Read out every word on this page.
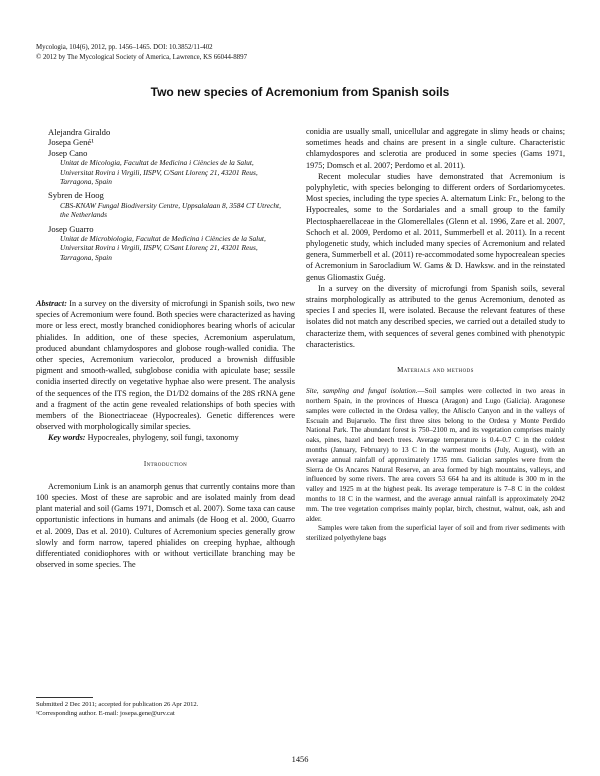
Mycologia, 104(6), 2012, pp. 1456–1465. DOI: 10.3852/11-402
© 2012 by The Mycological Society of America, Lawrence, KS 66044-8897
Two new species of Acremonium from Spanish soils
Alejandra Giraldo
Josepa Gené¹
Josep Cano
Unitat de Micologia, Facultat de Medicina i Ciències de la Salut, Universitat Rovira i Virgili, IISPV, C/Sant Llorenç 21, 43201 Reus, Tarragona, Spain
Sybren de Hoog
CBS-KNAW Fungal Biodiversity Centre, Uppsalalaan 8, 3584 CT Utrecht, the Netherlands
Josep Guarro
Unitat de Microbiologia, Facultat de Medicina i Ciències de la Salut, Universitat Rovira i Virgili, IISPV, C/Sant Llorenç 21, 43201 Reus, Tarragona, Spain

Abstract: In a survey on the diversity of microfungi in Spanish soils, two new species of Acremonium were found. Both species were characterized as having more or less erect, mostly branched conidiophores bearing whorls of acicular phialides. In addition, one of these species, Acremonium asperulatum, produced abundant chlamydospores and globose rough-walled conidia. The other species, Acremonium variecolor, produced a brownish diffusible pigment and smooth-walled, subglobose conidia with apiculate base; sessile conidia inserted directly on vegetative hyphae also were present. The analysis of the sequences of the ITS region, the D1/D2 domains of the 28S rRNA gene and a fragment of the actin gene revealed relationships of both species with members of the Bionectriaceae (Hypocreales). Genetic differences were observed with morphologically similar species.

Key words: Hypocreales, phylogeny, soil fungi, taxonomy

Introduction

Acremonium Link is an anamorph genus that currently contains more than 100 species. Most of these are saprobic and are isolated mainly from dead plant material and soil (Gams 1971, Domsch et al. 2007). Some taxa can cause opportunistic infections in humans and animals (de Hoog et al. 2000, Guarro et al. 2009, Das et al. 2010). Cultures of Acremonium species generally grow slowly and form narrow, tapered phialides on creeping hyphae, although differentiated conidiophores with or without verticillate branching may be observed in some species. The

conidia are usually small, unicellular and aggregate in slimy heads or chains; sometimes heads and chains are present in a single culture. Characteristic chlamydospores and sclerotia are produced in some species (Gams 1971, 1975; Domsch et al. 2007; Perdomo et al. 2011).

Recent molecular studies have demonstrated that Acremonium is polyphyletic, with species belonging to different orders of Sordariomycetes. Most species, including the type species A. alternatum Link: Fr., belong to the Hypocreales, some to the Sordariales and a small group to the family Plectosphaerellaceae in the Glomerellales (Glenn et al. 1996, Zare et al. 2007, Schoch et al. 2009, Perdomo et al. 2011, Summerbell et al. 2011). In a recent phylogenetic study, which included many species of Acremonium and related genera, Summerbell et al. (2011) re-accommodated some hypocrealean species of Acremonium in Sarocladium W. Gams & D. Hawksw. and in the reinstated genus Gliomastix Guég.

In a survey on the diversity of microfungi from Spanish soils, several strains morphologically as attributed to the genus Acremonium, denoted as species I and species II, were isolated. Because the relevant features of these isolates did not match any described species, we carried out a detailed study to characterize them, with sequences of several genes combined with phenotypic characteristics.

Materials and methods

Site, sampling and fungal isolation.—Soil samples were collected in two areas in northern Spain, in the provinces of Huesca (Aragon) and Lugo (Galicia). Aragonese samples were collected in the Ordesa valley, the Añisclo Canyon and in the valleys of Escuaín and Bujaruelo. The first three sites belong to the Ordesa y Monte Perdido National Park. The abundant forest is 750–2100 m, and its vegetation comprises mainly oaks, pines, hazel and beech trees. Average temperature is 0.4–0.7 C in the coldest months (January, February) to 13 C in the warmest months (July, August), with an average annual rainfall of approximately 1735 mm. Galician samples were from the Sierra de Os Ancares Natural Reserve, an area formed by high mountains, valleys, and influenced by some rivers. The area covers 53 664 ha and its altitude is 300 m in the valley and 1925 m at the highest peak. Its average temperature is 7–8 C in the coldest months to 18 C in the warmest, and the average annual rainfall is approximately 2042 mm. The tree vegetation comprises mainly poplar, birch, chestnut, walnut, oak, ash and alder.

Samples were taken from the superficial layer of soil and from river sediments with sterilized polyethylene bags

Submitted 2 Dec 2011; accepted for publication 26 Apr 2012.
¹Corresponding author. E-mail: josepa.gene@urv.cat
1456
